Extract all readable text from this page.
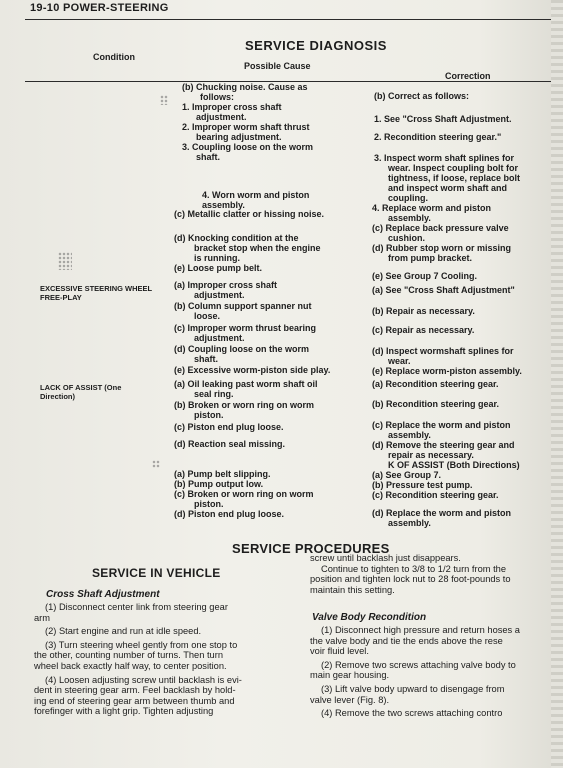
19-10 POWER-STEERING
SERVICE DIAGNOSIS
Condition
Possible Cause
Correction
(b) Chucking noise. Cause as
follows:
1. Improper cross shaft
adjustment.
2. Improper worm shaft thrust
bearing adjustment.
3. Coupling loose on the worm
shaft.
4. Worn worm and piston
assembly.
(c) Metallic clatter or hissing noise.
(d) Knocking condition at the
bracket stop when the engine
is running.
(e) Loose pump belt.
(a) Improper cross shaft
adjustment.
(b) Column support spanner nut
loose.
(c) Improper worm thrust bearing
adjustment.
(d) Coupling loose on the worm
shaft.
(e) Excessive worm-piston side play.
(a) Oil leaking past worm shaft oil
seal ring.
(b) Broken or worn ring on worm
piston.
(c) Piston end plug loose.
(d) Reaction seal missing.
(a) Pump belt slipping.
(b) Pump output low.
(c) Broken or worn ring on worm
piston.
(d) Piston end plug loose.
(b) Correct as follows:
1. See "Cross Shaft Adjustment.
2. Recondition steering gear."
3. Inspect worm shaft splines for
wear. Inspect coupling bolt for
tightness, if loose, replace bolt
and inspect worm shaft and
coupling.
4. Replace worm and piston
assembly.
(c) Replace back pressure valve
cushion.
(d) Rubber stop worn or missing
from pump bracket.
(e) See Group 7 Cooling.
(a) See "Cross Shaft Adjustment"
(b) Repair as necessary.
(c) Repair as necessary.
(d) Inspect wormshaft splines for
wear.
(e) Replace worm-piston assembly.
(a) Recondition steering gear.
(b) Recondition steering gear.
(c) Replace the worm and piston
assembly.
(d) Remove the steering gear and
repair as necessary.
K OF ASSIST (Both Directions)
(a) See Group 7.
(b) Pressure test pump.
(c) Recondition steering gear.
(d) Replace the worm and piston
assembly.
EXCESSIVE STEERING WHEEL
FREE-PLAY
LACK OF ASSIST (One
Direction)
SERVICE PROCEDURES
SERVICE IN VEHICLE
Cross Shaft Adjustment
(1) Disconnect center link from steering gear
arm
(2) Start engine and run at idle speed.
(3) Turn steering wheel gently from one stop to
the other, counting number of turns. Then turn
wheel back exactly half way, to center position.
(4) Loosen adjusting screw until backlash is evi-
dent in steering gear arm. Feel backlash by hold-
ing end of steering gear arm between thumb and
forefinger with a light grip. Tighten adjusting
screw until backlash just disappears.
Continue to tighten to 3/8 to 1/2 turn from the
position and tighten lock nut to 28 foot-pounds to
maintain this setting.
Valve Body Recondition
(1) Disconnect high pressure and return hoses a
the valve body and tie the ends above the rese
voir fluid level.
(2) Remove two screws attaching valve body to
main gear housing.
(3) Lift valve body upward to disengage from
valve lever (Fig. 8).
(4) Remove the two screws attaching contro
